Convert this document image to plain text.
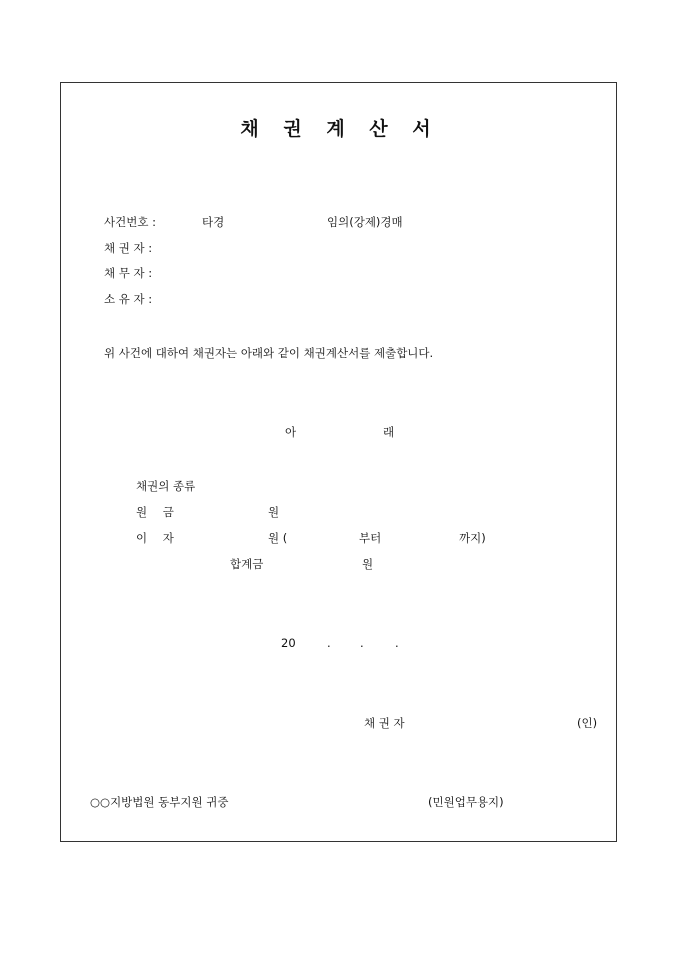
채 권 계 산 서
사건번호 :	타경	임의(강제)경매
채 권 자 :
채 무 자 :
소 유 자 :
위 사건에 대하여 채권자는 아래와 같이 채권계산서를 제출합니다.
아	래
채권의 종류
원 금	원
이 자	원 (	부터	까지)
합계금	원
20	.	.	.
채 권 자	(인)
○○지방법원 동부지원 귀중	(민원업무용지)
